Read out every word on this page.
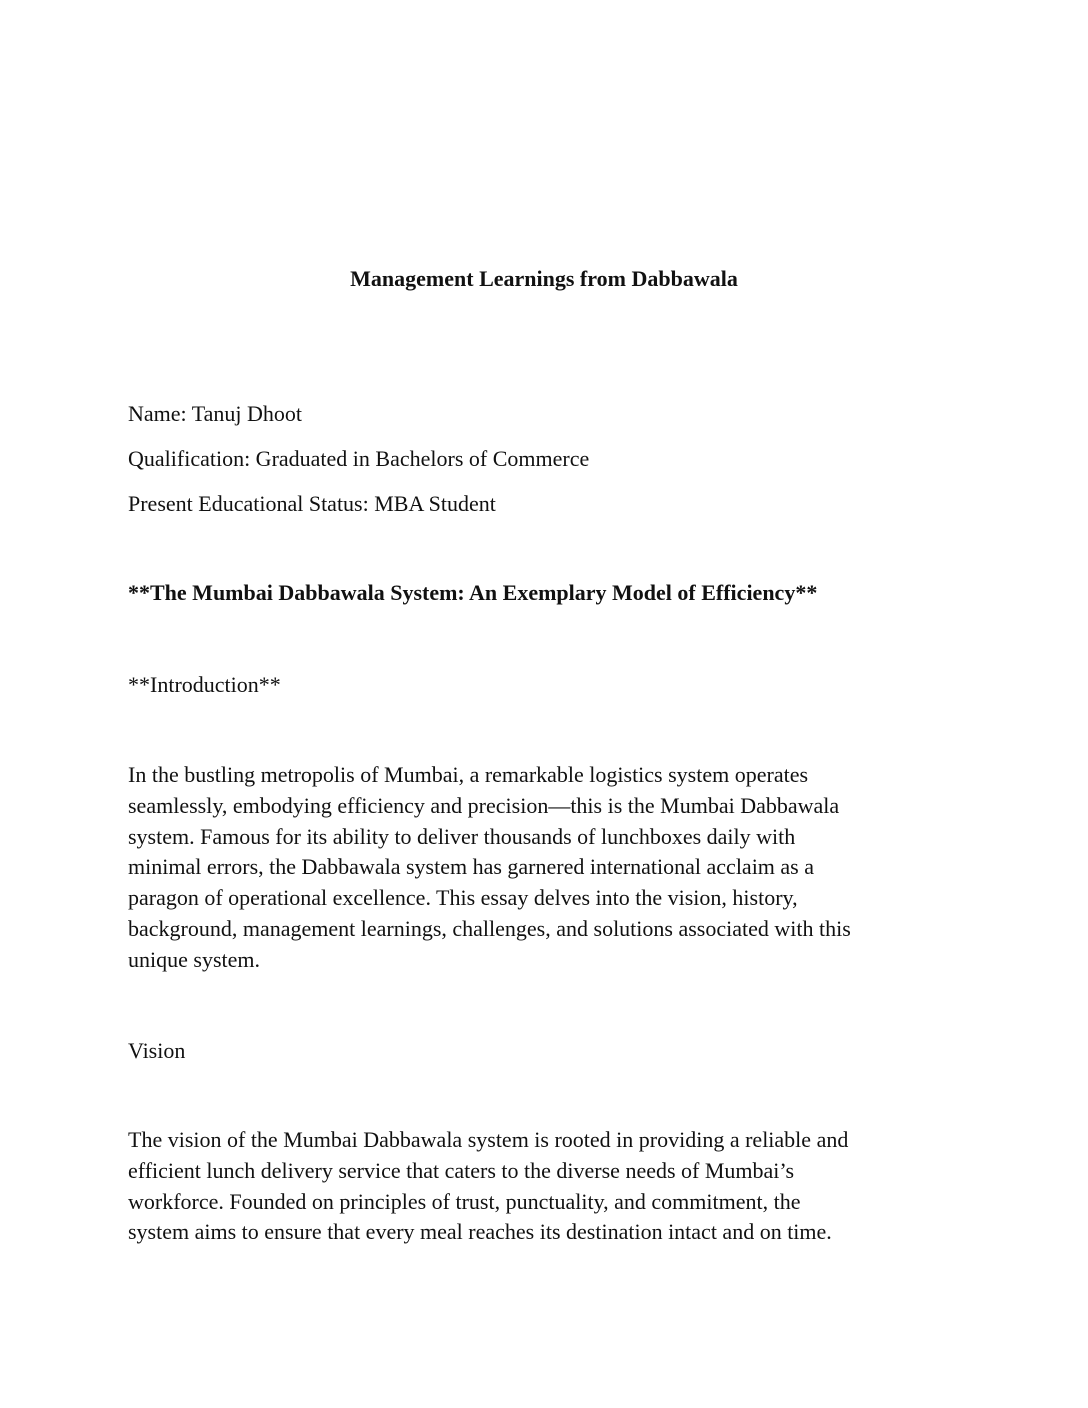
Management Learnings from Dabbawala

Name: Tanuj Dhoot

Qualification: Graduated in Bachelors of Commerce

Present Educational Status: MBA Student

**The Mumbai Dabbawala System: An Exemplary Model of Efficiency**

**Introduction**

In the bustling metropolis of Mumbai, a remarkable logistics system operates
seamlessly, embodying efficiency and precision—this is the Mumbai Dabbawala
system. Famous for its ability to deliver thousands of lunchboxes daily with
minimal errors, the Dabbawala system has garnered international acclaim as a
paragon of operational excellence. This essay delves into the vision, history,
background, management learnings, challenges, and solutions associated with this
unique system.

Vision

The vision of the Mumbai Dabbawala system is rooted in providing a reliable and
efficient lunch delivery service that caters to the diverse needs of Mumbai’s
workforce. Founded on principles of trust, punctuality, and commitment, the
system aims to ensure that every meal reaches its destination intact and on time.
